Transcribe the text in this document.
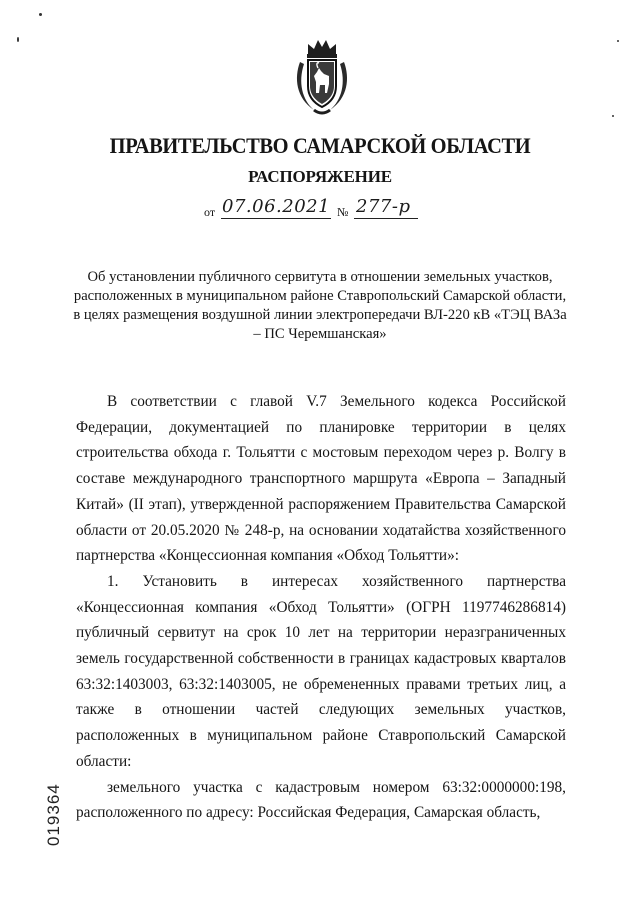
ПРАВИТЕЛЬСТВО САМАРСКОЙ ОБЛАСТИ
РАСПОРЯЖЕНИЕ
от 07.06.2021 № 277-р
Об установлении публичного сервитута в отношении земельных участков, расположенных в муниципальном районе Ставропольский Самарской области, в целях размещения воздушной линии электропередачи ВЛ-220 кВ «ТЭЦ ВАЗа – ПС Черемшанская»

В соответствии с главой V.7 Земельного кодекса Российской Федерации, документацией по планировке территории в целях строительства обхода г. Тольятти с мостовым переходом через р. Волгу в составе международного транспортного маршрута «Европа – Западный Китай» (II этап), утвержденной распоряжением Правительства Самарской области от 20.05.2020 № 248-р, на основании ходатайства хозяйственного партнерства «Концессионная компания «Обход Тольятти»:

1. Установить в интересах хозяйственного партнерства «Концессионная компания «Обход Тольятти» (ОГРН 1197746286814) публичный сервитут на срок 10 лет на территории неразграниченных земель государственной собственности в границах кадастровых кварталов 63:32:1403003, 63:32:1403005, не обремененных правами третьих лиц, а также в отношении частей следующих земельных участков, расположенных в муниципальном районе Ставропольский Самарской области:

земельного участка с кадастровым номером 63:32:0000000:198, расположенного по адресу: Российская Федерация, Самарская область,

019364
